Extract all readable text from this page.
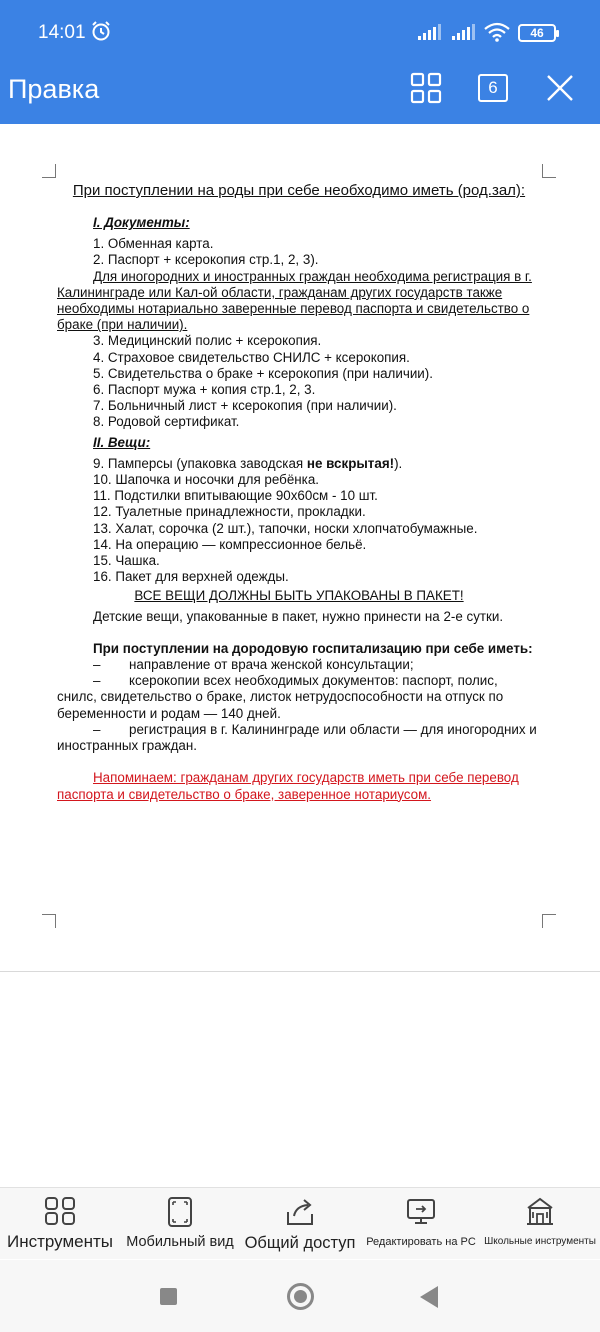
14:01	46
Правка	6
При поступлении на роды при себе необходимо иметь (род.зал):
I. Документы:
1. Обменная карта.
2. Паспорт + ксерокопия стр.1, 2, 3).
Для иногородних и иностранных граждан необходима регистрация в г. Калининграде или Кал-ой области, гражданам других государств также необходимы нотариально заверенные перевод паспорта и свидетельство о браке (при наличии).
3. Медицинский полис + ксерокопия.
4. Страховое свидетельство СНИЛС + ксерокопия.
5. Свидетельства о браке + ксерокопия (при наличии).
6. Паспорт мужа + копия стр.1, 2, 3.
7. Больничный лист + ксерокопия (при наличии).
8. Родовой сертификат.
II. Вещи:
9. Памперсы (упаковка заводская не вскрытая!).
10. Шапочка и носочки для ребёнка.
11. Подстилки впитывающие 90х60см - 10 шт.
12. Туалетные принадлежности, прокладки.
13. Халат, сорочка (2 шт.), тапочки, носки хлопчатобумажные.
14. На операцию — компрессионное бельё.
15. Чашка.
16. Пакет для верхней одежды.
ВСЕ ВЕЩИ ДОЛЖНЫ БЫТЬ УПАКОВАНЫ В ПАКЕТ!
Детские вещи, упакованные в пакет, нужно принести на 2-е сутки.
При поступлении на дородовую госпитализацию при себе иметь:
– направление от врача женской консультации;
– ксерокопии всех необходимых документов: паспорт, полис, снилс, свидетельство о браке, листок нетрудоспособности на отпуск по беременности и родам — 140 дней.
– регистрация в г. Калининграде или области — для иногородних и иностранных граждан.
Напоминаем: гражданам других государств иметь при себе перевод паспорта и свидетельство о браке, заверенное нотариусом.
Инструменты Мобильный вид Общий доступ Редактировать на PC Школьные инструменты
